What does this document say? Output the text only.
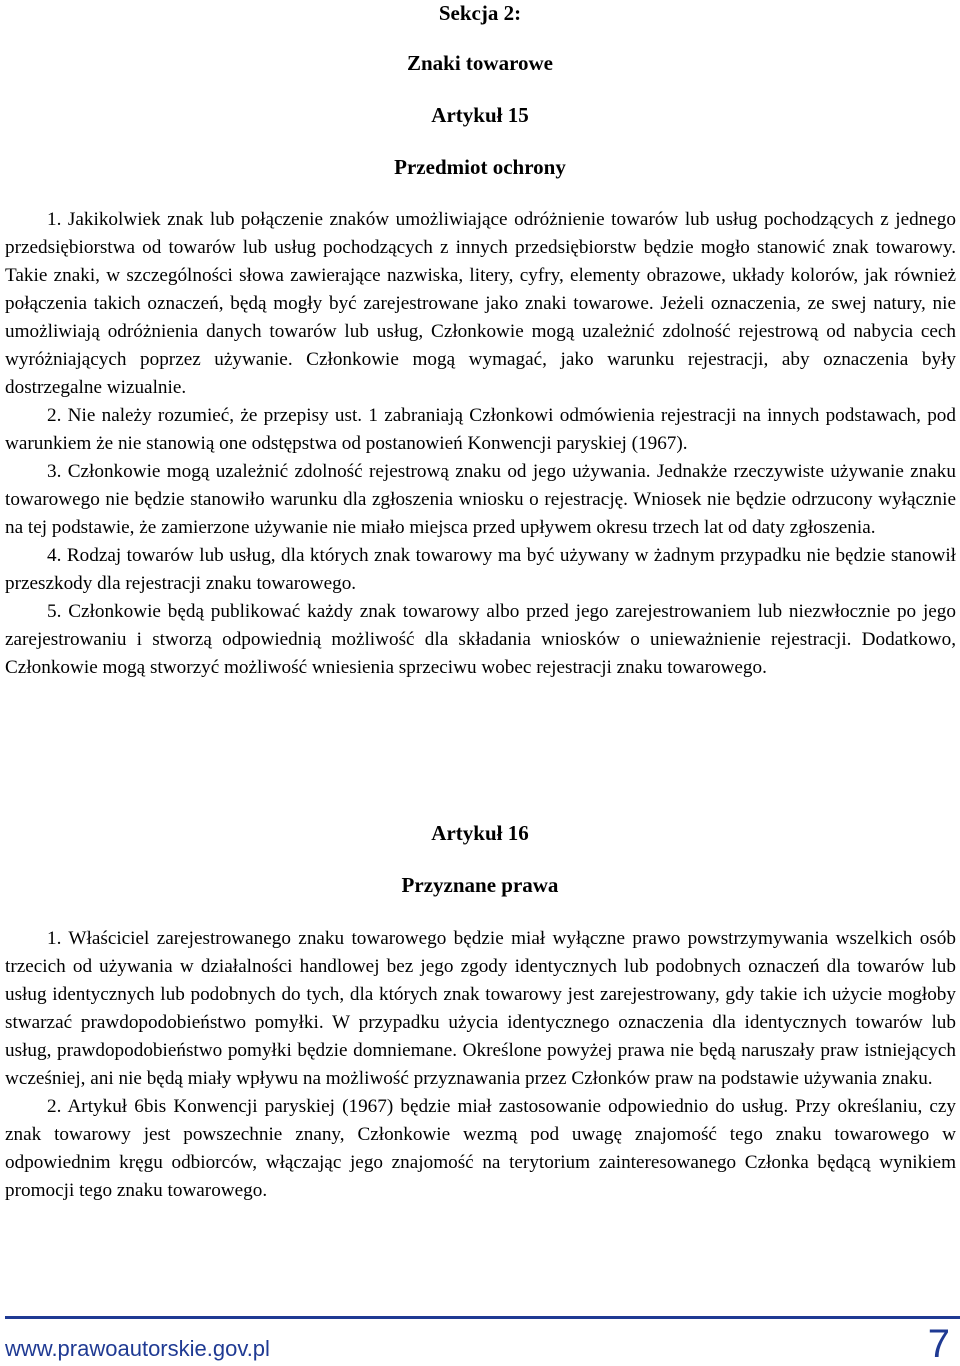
Sekcja 2:
Znaki towarowe
Artykuł 15
Przedmiot ochrony

1. Jakikolwiek znak lub połączenie znaków umożliwiające odróżnienie towarów lub usług pochodzących z jednego przedsiębiorstwa od towarów lub usług pochodzących z innych przedsiębiorstw będzie mogło stanowić znak towarowy. Takie znaki, w szczególności słowa zawierające nazwiska, litery, cyfry, elementy obrazowe, układy kolorów, jak również połączenia takich oznaczeń, będą mogły być zarejestrowane jako znaki towarowe. Jeżeli oznaczenia, ze swej natury, nie umożliwiają odróżnienia danych towarów lub usług, Członkowie mogą uzależnić zdolność rejestrową od nabycia cech wyróżniających poprzez używanie. Członkowie mogą wymagać, jako warunku rejestracji, aby oznaczenia były dostrzegalne wizualnie.

2. Nie należy rozumieć, że przepisy ust. 1 zabraniają Członkowi odmówienia rejestracji na innych podstawach, pod warunkiem że nie stanowią one odstępstwa od postanowień Konwencji paryskiej (1967).

3. Członkowie mogą uzależnić zdolność rejestrową znaku od jego używania. Jednakże rzeczywiste używanie znaku towarowego nie będzie stanowiło warunku dla zgłoszenia wniosku o rejestrację. Wniosek nie będzie odrzucony wyłącznie na tej podstawie, że zamierzone używanie nie miało miejsca przed upływem okresu trzech lat od daty zgłoszenia.

4. Rodzaj towarów lub usług, dla których znak towarowy ma być używany w żadnym przypadku nie będzie stanowił przeszkody dla rejestracji znaku towarowego.

5. Członkowie będą publikować każdy znak towarowy albo przed jego zarejestrowaniem lub niezwłocznie po jego zarejestrowaniu i stworzą odpowiednią możliwość dla składania wniosków o unieważnienie rejestracji. Dodatkowo, Członkowie mogą stworzyć możliwość wniesienia sprzeciwu wobec rejestracji znaku towarowego.

Artykuł 16
Przyznane prawa

1. Właściciel zarejestrowanego znaku towarowego będzie miał wyłączne prawo powstrzymywania wszelkich osób trzecich od używania w działalności handlowej bez jego zgody identycznych lub podobnych oznaczeń dla towarów lub usług identycznych lub podobnych do tych, dla których znak towarowy jest zarejestrowany, gdy takie ich użycie mogłoby stwarzać prawdopodobieństwo pomyłki. W przypadku użycia identycznego oznaczenia dla identycznych towarów lub usług, prawdopodobieństwo pomyłki będzie domniemane. Określone powyżej prawa nie będą naruszały praw istniejących wcześniej, ani nie będą miały wpływu na możliwość przyznawania przez Członków praw na podstawie używania znaku.

2. Artykuł 6bis Konwencji paryskiej (1967) będzie miał zastosowanie odpowiednio do usług. Przy określaniu, czy znak towarowy jest powszechnie znany, Członkowie wezmą pod uwagę znajomość tego znaku towarowego w odpowiednim kręgu odbiorców, włączając jego znajomość na terytorium zainteresowanego Członka będącą wynikiem promocji tego znaku towarowego.

www.prawoautorskie.gov.pl	7
